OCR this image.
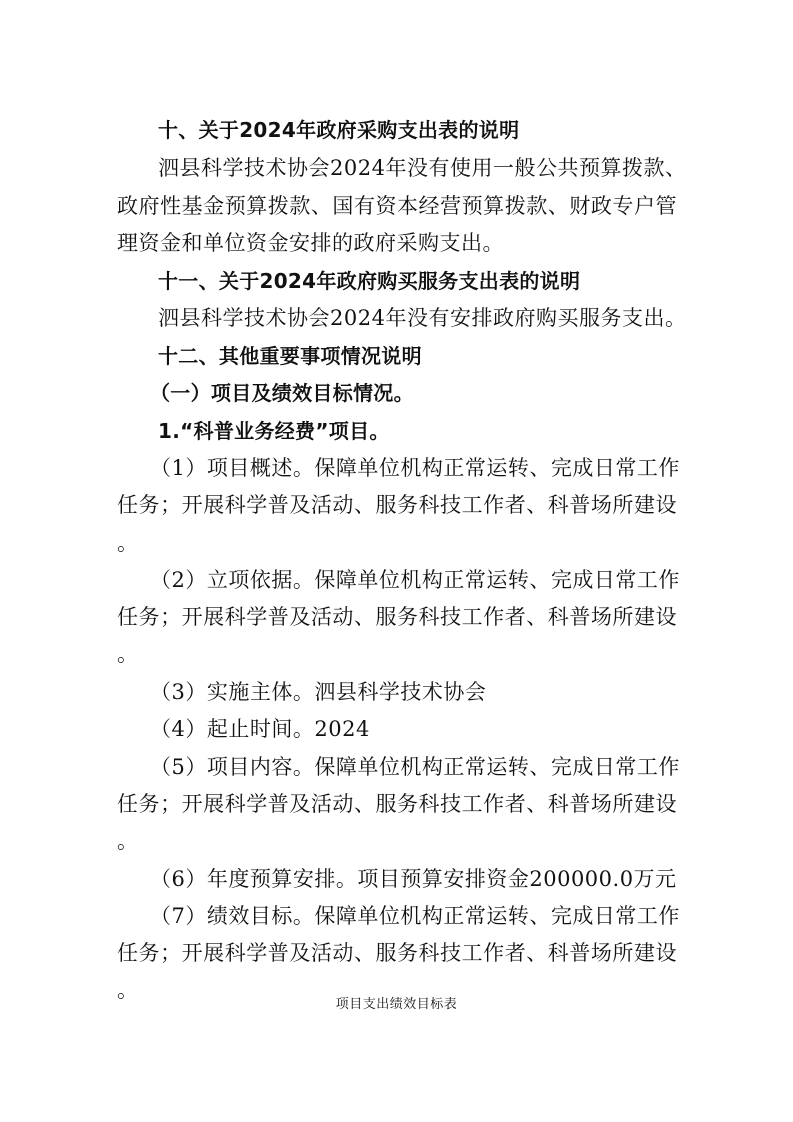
十、关于2024年政府采购支出表的说明
泗县科学技术协会2024年没有使用一般公共预算拨款、
政府性基金预算拨款、国有资本经营预算拨款、财政专户管
理资金和单位资金安排的政府采购支出。
十一、关于2024年政府购买服务支出表的说明
泗县科学技术协会2024年没有安排政府购买服务支出。
十二、其他重要事项情况说明
（一）项目及绩效目标情况。
1.“科普业务经费”项目。
（1）项目概述。保障单位机构正常运转、完成日常工作
任务；开展科学普及活动、服务科技工作者、科普场所建设
。
（2）立项依据。保障单位机构正常运转、完成日常工作
任务；开展科学普及活动、服务科技工作者、科普场所建设
。
（3）实施主体。泗县科学技术协会
（4）起止时间。2024
（5）项目内容。保障单位机构正常运转、完成日常工作
任务；开展科学普及活动、服务科技工作者、科普场所建设
。
（6）年度预算安排。项目预算安排资金200000.0万元
（7）绩效目标。保障单位机构正常运转、完成日常工作
任务；开展科学普及活动、服务科技工作者、科普场所建设
。
项目支出绩效目标表
